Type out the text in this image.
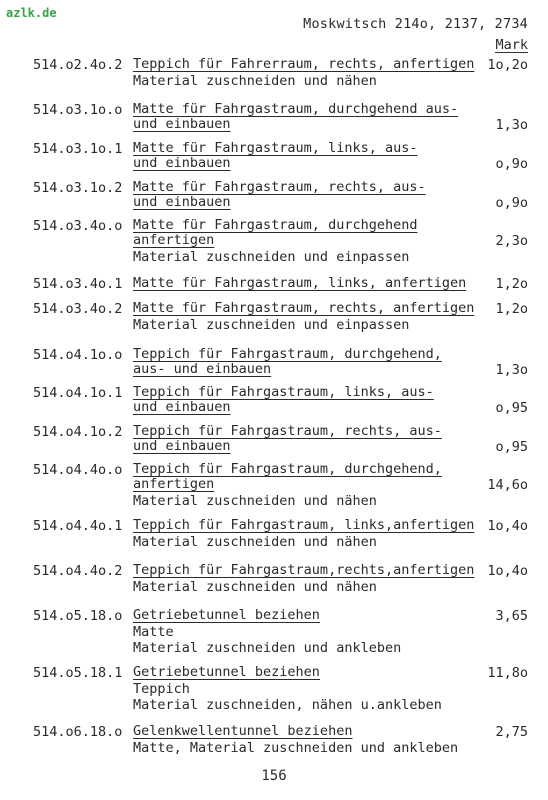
azlk.de
Moskwitsch 214o, 2137, 2734
Mark
514.o2.4o.2 Teppich für Fahrerraum, rechts, anfertigen
Material zuschneiden und nähen
1o,2o
514.o3.1o.o Matte für Fahrgastraum, durchgehend aus-
und einbauen	1,3o
514.o3.1o.1 Matte für Fahrgastraum, links, aus-
und einbauen	o,9o
514.o3.1o.2 Matte für Fahrgastraum, rechts, aus-
und einbauen	o,9o
514.o3.4o.o Matte für Fahrgastraum, durchgehend
anfertigen
Material zuschneiden und einpassen
2,3o
514.o3.4o.1 Matte für Fahrgastraum, links, anfertigen	1,2o
514.o3.4o.2 Matte für Fahrgastraum, rechts, anfertigen
Material zuschneiden und einpassen
1,2o
514.o4.1o.o Teppich für Fahrgastraum, durchgehend,
aus- und einbauen	1,3o
514.o4.1o.1 Teppich für Fahrgastraum, links, aus-
und einbauen	o,95
514.o4.1o.2 Teppich für Fahrgastraum, rechts, aus-
und einbauen	o,95
514.o4.4o.o Teppich für Fahrgastraum, durchgehend,
anfertigen
Material zuschneiden und nähen
14,6o
514.o4.4o.1 Teppich für Fahrgastraum, links,anfertigen
Material zuschneiden und nähen
1o,4o
514.o4.4o.2 Teppich für Fahrgastraum,rechts,anfertigen
Material zuschneiden und nähen
1o,4o
514.o5.18.o Getriebetunnel beziehen
Matte
Material zuschneiden und ankleben
3,65
514.o5.18.1 Getriebetunnel beziehen
Teppich
Material zuschneiden, nähen u.ankleben
11,8o
514.o6.18.o Gelenkwellentunnel beziehen
Matte, Material zuschneiden und ankleben
2,75
156
